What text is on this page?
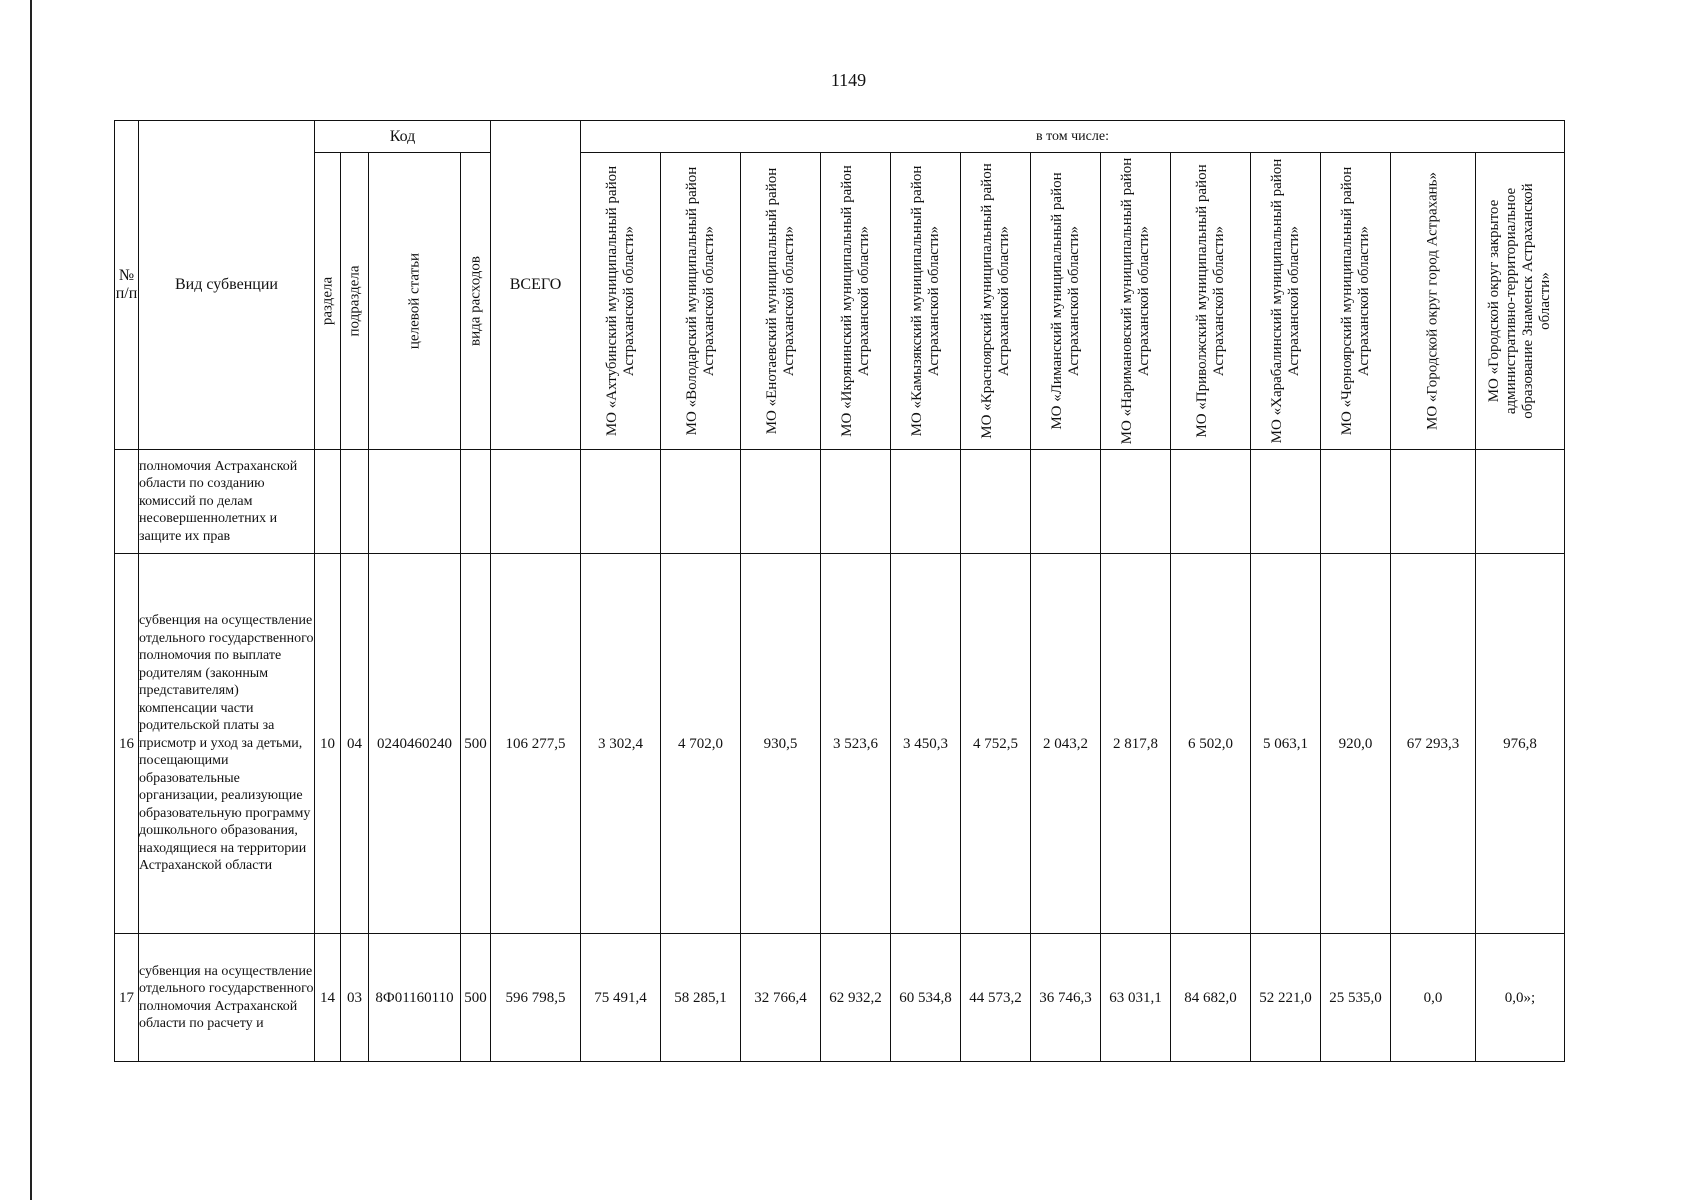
1149
№ п/п	Вид субвенции	Код				ВСЕГО	в том числе:												

		раздела	подраздела	целевой статьи	вида расходов		МО «Ахтубинский муниципальный район Астраханской области»	МО «Володарский муниципальный район Астраханской области»	МО «Енотаевский муниципальный район Астраханской области»	МО «Икрянинский муниципальный район Астраханской области»	МО «Камызякский муниципальный район Астраханской области»	МО «Красноярский муниципальный район Астраханской области»	МО «Лиманский муниципальный район Астраханской области»	МО «Наримановский муниципальный район Астраханской области»	МО «Приволжский муниципальный район Астраханской области»	МО «Харабалинский муниципальный район Астраханской области»	МО «Черноярский муниципальный район Астраханской области»	МО «Городской округ город Астрахань»	МО «Городской округ закрытое административно-территориальное образование Знаменск Астраханской области»

	полномочия Астраханской области по созданию комиссий по делам несовершеннолетних и защите их прав																		
16	субвенция на осуществление отдельного государственного полномочия по выплате родителям (законным представителям) компенсации части родительской платы за присмотр и уход за детьми, посещающими образовательные организации, реализующие образовательную программу дошкольного образования, находящиеся на территории Астраханской области	10	04	0240460240	500	106 277,5	3 302,4	4 702,0	930,5	3 523,6	3 450,3	4 752,5	2 043,2	2 817,8	6 502,0	5 063,1	920,0	67 293,3	976,8
17	субвенция на осуществление отдельного государственного полномочия Астраханской области по расчету и	14	03	8Ф01160110	500	596 798,5	75 491,4	58 285,1	32 766,4	62 932,2	60 534,8	44 573,2	36 746,3	63 031,1	84 682,0	52 221,0	25 535,0	0,0	0,0»;
